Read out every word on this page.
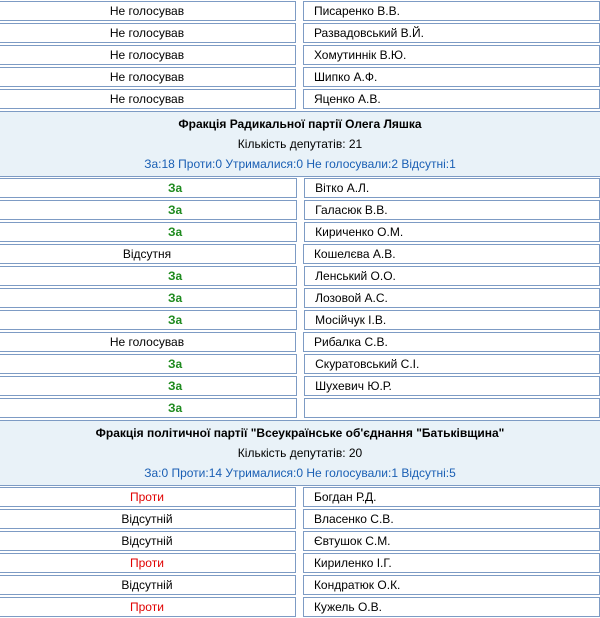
Не голосував	Писаренко В.В.
Не голосував	Развадовський В.Й.
Не голосував	Хомутиннік В.Ю.
Не голосував	Шипко А.Ф.
Не голосував	Яценко А.В.
Фракція Радикальної партії Олега Ляшка
Кількість депутатів: 21
За:18 Проти:0 Утрималися:0 Не голосували:2 Відсутні:1
За	Вітко А.Л.
За	Галасюк В.В.
За	Кириченко О.М.
Відсутня	Кошелєва А.В.
За	Ленський О.О.
За	Лозовой А.С.
За	Мосійчук І.В.
Не голосував	Рибалка С.В.
За	Скуратовський С.І.
За	Шухевич Ю.Р.
За
Фракція політичної партії "Всеукраїнське об'єднання "Батьківщина"
Кількість депутатів: 20
За:0 Проти:14 Утрималися:0 Не голосували:1 Відсутні:5
Проти	Богдан Р.Д.
Відсутній	Власенко С.В.
Відсутній	Євтушок С.М.
Проти	Кириленко І.Г.
Відсутній	Кондратюк О.К.
Проти	Кужель О.В.
